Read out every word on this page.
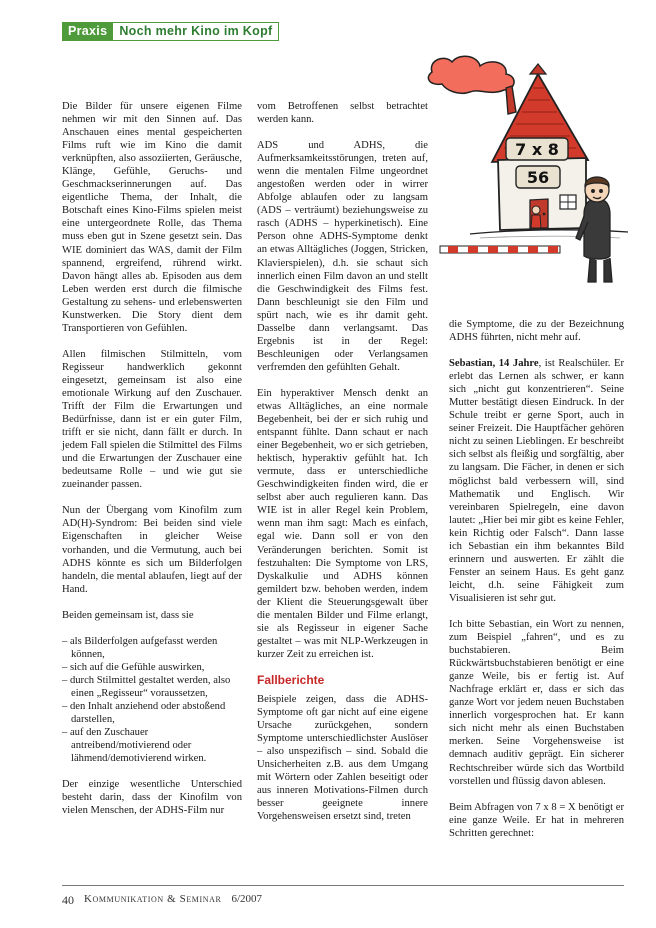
Praxis Noch mehr Kino im Kopf
7 x 8
56

Die Bilder für unsere eigenen Filme nehmen wir mit den Sinnen auf. Das Anschauen eines mental gespeicherten Films ruft wie im Kino die damit verknüpften, also assoziierten, Geräusche, Klänge, Gefühle, Geruchs- und Geschmackserinnerungen auf. Das eigentliche Thema, der Inhalt, die Botschaft eines Kino-Films spielen meist eine untergeordnete Rolle, das Thema muss eben gut in Szene gesetzt sein. Das WIE dominiert das WAS, damit der Film spannend, ergreifend, rührend wirkt. Davon hängt alles ab. Episoden aus dem Leben werden erst durch die filmische Gestaltung zu sehens- und erlebenswerten Kunstwerken. Die Story dient dem Transportieren von Gefühlen.

Allen filmischen Stilmitteln, vom Regisseur handwerklich gekonnt eingesetzt, gemeinsam ist also eine emotionale Wirkung auf den Zuschauer. Trifft der Film die Erwartungen und Bedürfnisse, dann ist er ein guter Film, trifft er sie nicht, dann fällt er durch. In jedem Fall spielen die Stilmittel des Films und die Erwartungen der Zuschauer eine bedeutsame Rolle – und wie gut sie zueinander passen.

Nun der Übergang vom Kinofilm zum AD(H)-Syndrom: Bei beiden sind viele Eigenschaften in gleicher Weise vorhanden, und die Vermutung, auch bei ADHS könnte es sich um Bilderfolgen handeln, die mental ablaufen, liegt auf der Hand.

Beiden gemeinsam ist, dass sie

– als Bilderfolgen aufgefasst werden können,
– sich auf die Gefühle auswirken,
– durch Stilmittel gestaltet werden, also einen „Regisseur“ voraussetzen,
– den Inhalt anziehend oder abstoßend darstellen,
– auf den Zuschauer antreibend/motivierend oder lähmend/demotivierend wirken.

Der einzige wesentliche Unterschied besteht darin, dass der Kinofilm von vielen Menschen, der ADHS-Film nur

vom Betroffenen selbst betrachtet werden kann.

ADS und ADHS, die Aufmerksamkeitsstörungen, treten auf, wenn die mentalen Filme ungeordnet angestoßen werden oder in wirrer Abfolge ablaufen oder zu langsam (ADS – verträumt) beziehungsweise zu rasch (ADHS – hyperkinetisch). Eine Person ohne ADHS-Symptome denkt an etwas Alltägliches (Joggen, Stricken, Klavierspielen), d.h. sie schaut sich innerlich einen Film davon an und stellt die Geschwindigkeit des Films fest. Dann beschleunigt sie den Film und spürt nach, wie es ihr damit geht. Dasselbe dann verlangsamt. Das Ergebnis ist in der Regel: Beschleunigen oder Verlangsamen verfremden den gefühlten Gehalt.

Ein hyperaktiver Mensch denkt an etwas Alltägliches, an eine normale Begebenheit, bei der er sich ruhig und entspannt fühlte. Dann schaut er nach einer Begebenheit, wo er sich getrieben, hektisch, hyperaktiv gefühlt hat. Ich vermute, dass er unterschiedliche Geschwindigkeiten finden wird, die er selbst aber auch regulieren kann. Das WIE ist in aller Regel kein Problem, wenn man ihm sagt: Mach es einfach, egal wie. Dann soll er von den Veränderungen berichten. Somit ist festzuhalten: Die Symptome von LRS, Dyskalkulie und ADHS können gemildert bzw. behoben werden, indem der Klient die Steuerungsgewalt über die mentalen Bilder und Filme erlangt, sie als Regisseur in eigener Sache gestaltet – was mit NLP-Werkzeugen in kurzer Zeit zu erreichen ist.

Fallberichte

Beispiele zeigen, dass die ADHS-Symptome oft gar nicht auf eine eigene Ursache zurückgehen, sondern Symptome unterschiedlichster Auslöser – also unspezifisch – sind. Sobald die Unsicherheiten z.B. aus dem Umgang mit Wörtern oder Zahlen beseitigt oder aus inneren Motivations-Filmen durch besser geeignete innere Vorgehensweisen ersetzt sind, treten

die Symptome, die zu der Bezeichnung ADHS führten, nicht mehr auf.

Sebastian, 14 Jahre, ist Realschüler. Er erlebt das Lernen als schwer, er kann sich „nicht gut konzentrieren“. Seine Mutter bestätigt diesen Eindruck. In der Schule treibt er gerne Sport, auch in seiner Freizeit. Die Hauptfächer gehören nicht zu seinen Lieblingen. Er beschreibt sich selbst als fleißig und sorgfältig, aber zu langsam. Die Fächer, in denen er sich möglichst bald verbessern will, sind Mathematik und Englisch. Wir vereinbaren Spielregeln, eine davon lautet: „Hier bei mir gibt es keine Fehler, kein Richtig oder Falsch“. Dann lasse ich Sebastian ein ihm bekanntes Bild erinnern und auswerten. Er zählt die Fenster an seinem Haus. Es geht ganz leicht, d.h. seine Fähigkeit zum Visualisieren ist sehr gut.

Ich bitte Sebastian, ein Wort zu nennen, zum Beispiel „fahren“, und es zu buchstabieren. Beim Rückwärtsbuchstabieren benötigt er eine ganze Weile, bis er fertig ist. Auf Nachfrage erklärt er, dass er sich das ganze Wort vor jedem neuen Buchstaben innerlich vorgesprochen hat. Er kann sich nicht mehr als einen Buchstaben merken. Seine Vorgehensweise ist demnach auditiv geprägt. Ein sicherer Rechtschreiber würde sich das Wortbild vorstellen und flüssig davon ablesen.

Beim Abfragen von 7 x 8 = X benötigt er eine ganze Weile. Er hat in mehreren Schritten gerechnet:

40 Kommunikation & Seminar 6/2007
